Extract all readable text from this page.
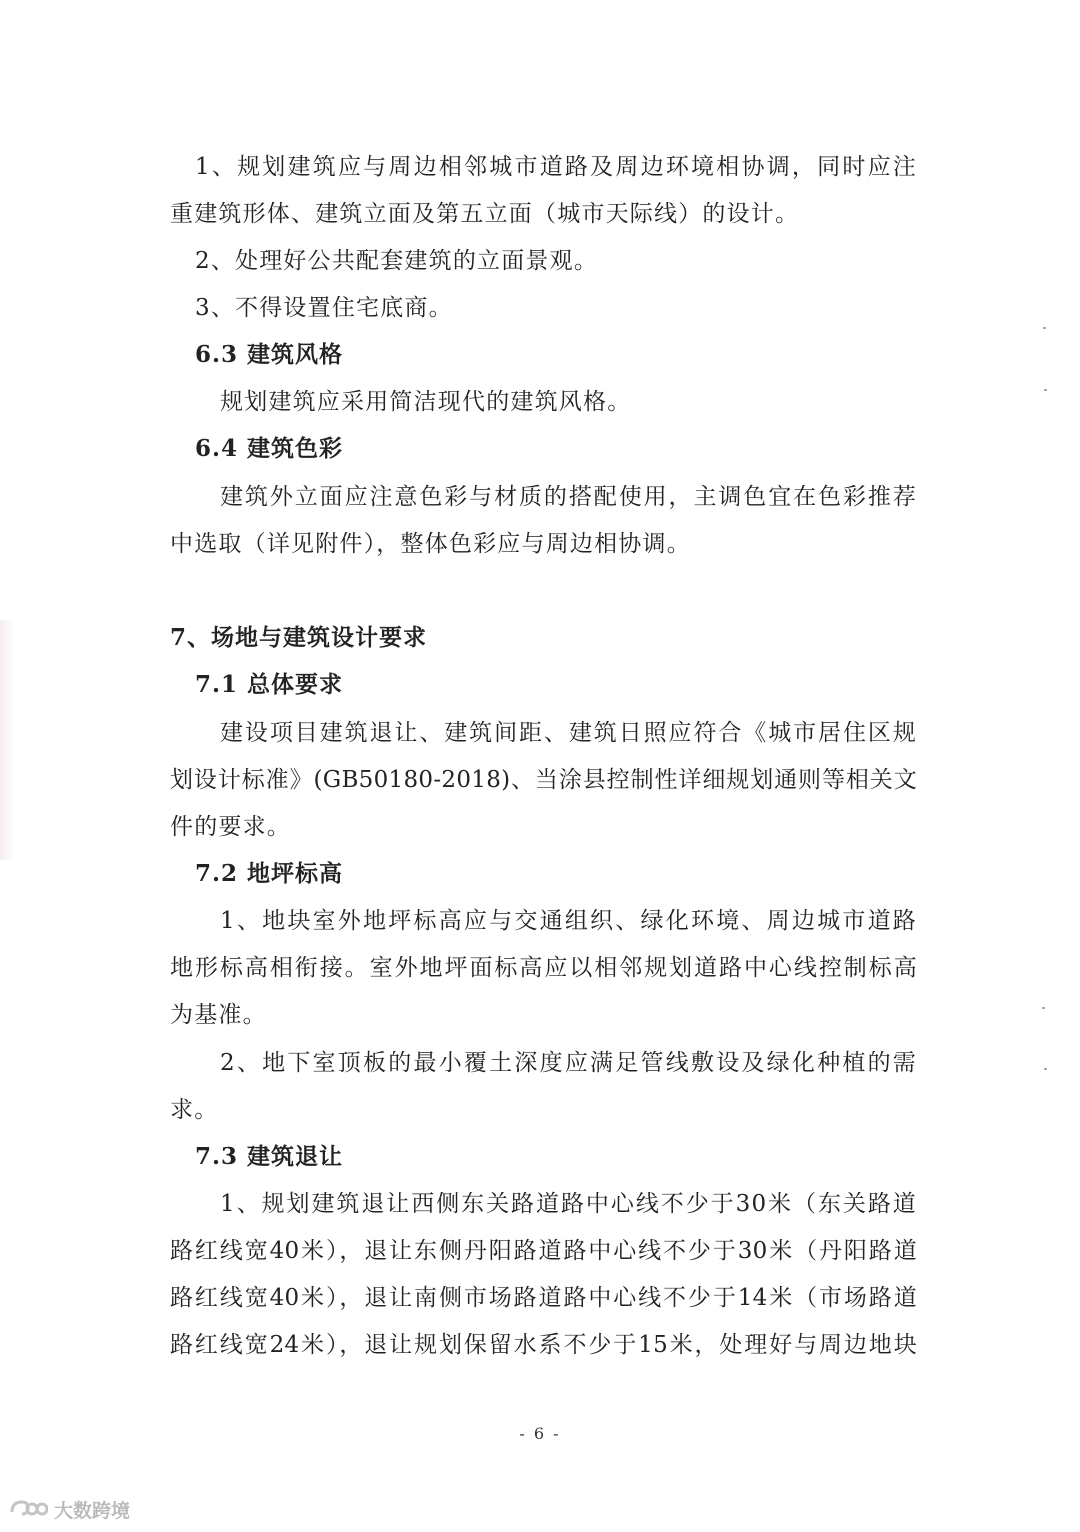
1、规划建筑应与周边相邻城市道路及周边环境相协调，同时应注
重建筑形体、建筑立面及第五立面（城市天际线）的设计。
2、处理好公共配套建筑的立面景观。
3、不得设置住宅底商。
6.3 建筑风格
规划建筑应采用简洁现代的建筑风格。
6.4 建筑色彩
建筑外立面应注意色彩与材质的搭配使用，主调色宜在色彩推荐
中选取（详见附件），整体色彩应与周边相协调。
7、场地与建筑设计要求
7.1 总体要求
建设项目建筑退让、建筑间距、建筑日照应符合《城市居住区规
划设计标准》(GB50180-2018)、当涂县控制性详细规划通则等相关文
件的要求。
7.2 地坪标高
1、地块室外地坪标高应与交通组织、绿化环境、周边城市道路
地形标高相衔接。室外地坪面标高应以相邻规划道路中心线控制标高
为基准。
2、地下室顶板的最小覆土深度应满足管线敷设及绿化种植的需
求。
7.3 建筑退让
1、规划建筑退让西侧东关路道路中心线不少于30米（东关路道
路红线宽40米），退让东侧丹阳路道路中心线不少于30米（丹阳路道
路红线宽40米），退让南侧市场路道路中心线不少于14米（市场路道
路红线宽24米），退让规划保留水系不少于15米，处理好与周边地块
- 6 -
大数跨境
